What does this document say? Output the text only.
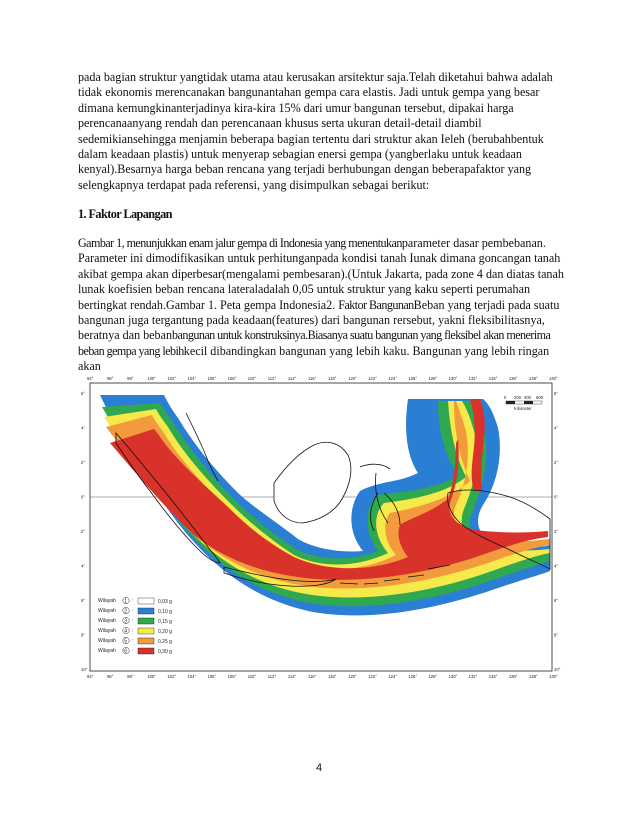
pada bagian struktur yangtidak utama atau kerusakan arsitektur saja.Telah diketahui bahwa adalah tidak ekonomis merencanakan bangunantahan gempa cara elastis. Jadi untuk gempa yang besar dimana kemungkinanterjadinya kira-kira 15% dari umur bangunan tersebut, dipakai harga perencanaanyang rendah dan perencanaan khusus serta ukuran detail-detail diambil sedemikiansehingga menjamin beberapa bagian tertentu dari struktur akan Ieleh (berubahbentuk dalam keadaan plastis) untuk menyerap sebagian enersi gempa (yangberlaku untuk keadaan kenyal).Besarnya harga beban rencana yang terjadi berhubungan dengan beberapafaktor yang selengkapnya terdapat pada referensi, yang disimpulkan sebagai berikut:

1. Faktor Lapangan

Gambar 1, menunjukkan enam jalur gempa di Indonesia yang menentukanparameter dasar pembebanan. Parameter ini dimodifikasikan untuk perhitunganpada kondisi tanah Iunak dimana goncangan tanah akibat gempa akan diperbesar(mengalami pembesaran).(Untuk Jakarta, pada zone 4 dan diatas tanah lunak koefisien beban rencana lateraladalah 0,05 untuk struktur yang kaku seperti perumahan bertingkat rendah.Gambar 1. Peta gempa Indonesia2. Faktor BangunanBeban yang terjadi pada suatu bangunan juga tergantung pada keadaan(features) dari bangunan rersebut, yakni fleksibilitasnya, beratnya dan bebanbangunan untuk konstruksinya.Biasanya suatu bangunan yang fleksibel akan menerima beban gempa yang lebihkecil dibandingkan bangunan yang lebih kaku. Bangunan yang lebih ringan akan

94°	96°	98°	100°	102°	104°	106°	108°	110°	112°	114°	116°	118°	120°	122°	124°	126°	128°	130°	132°	134°	136°	138°	140°
94°	96°	98°	100°	102°	104°	106°	108°	110°	112°	114°	116°	118°	120°	122°	124°	126°	128°	130°	132°	134°	136°	138°	140°
6°
4°
2°
0°
2°
4°
6°
8°
10°
6°
4°
2°
0°
2°
4°
6°
8°
10°
0 200 400 600
Kilometer
Wilayah 1 :	0,03 g
Wilayah 2 :	0,10 g
Wilayah 3 :	0,15 g
Wilayah 4 :	0,20 g
Wilayah 5 :	0,25 g
Wilayah 6 :	0,30 g
4
